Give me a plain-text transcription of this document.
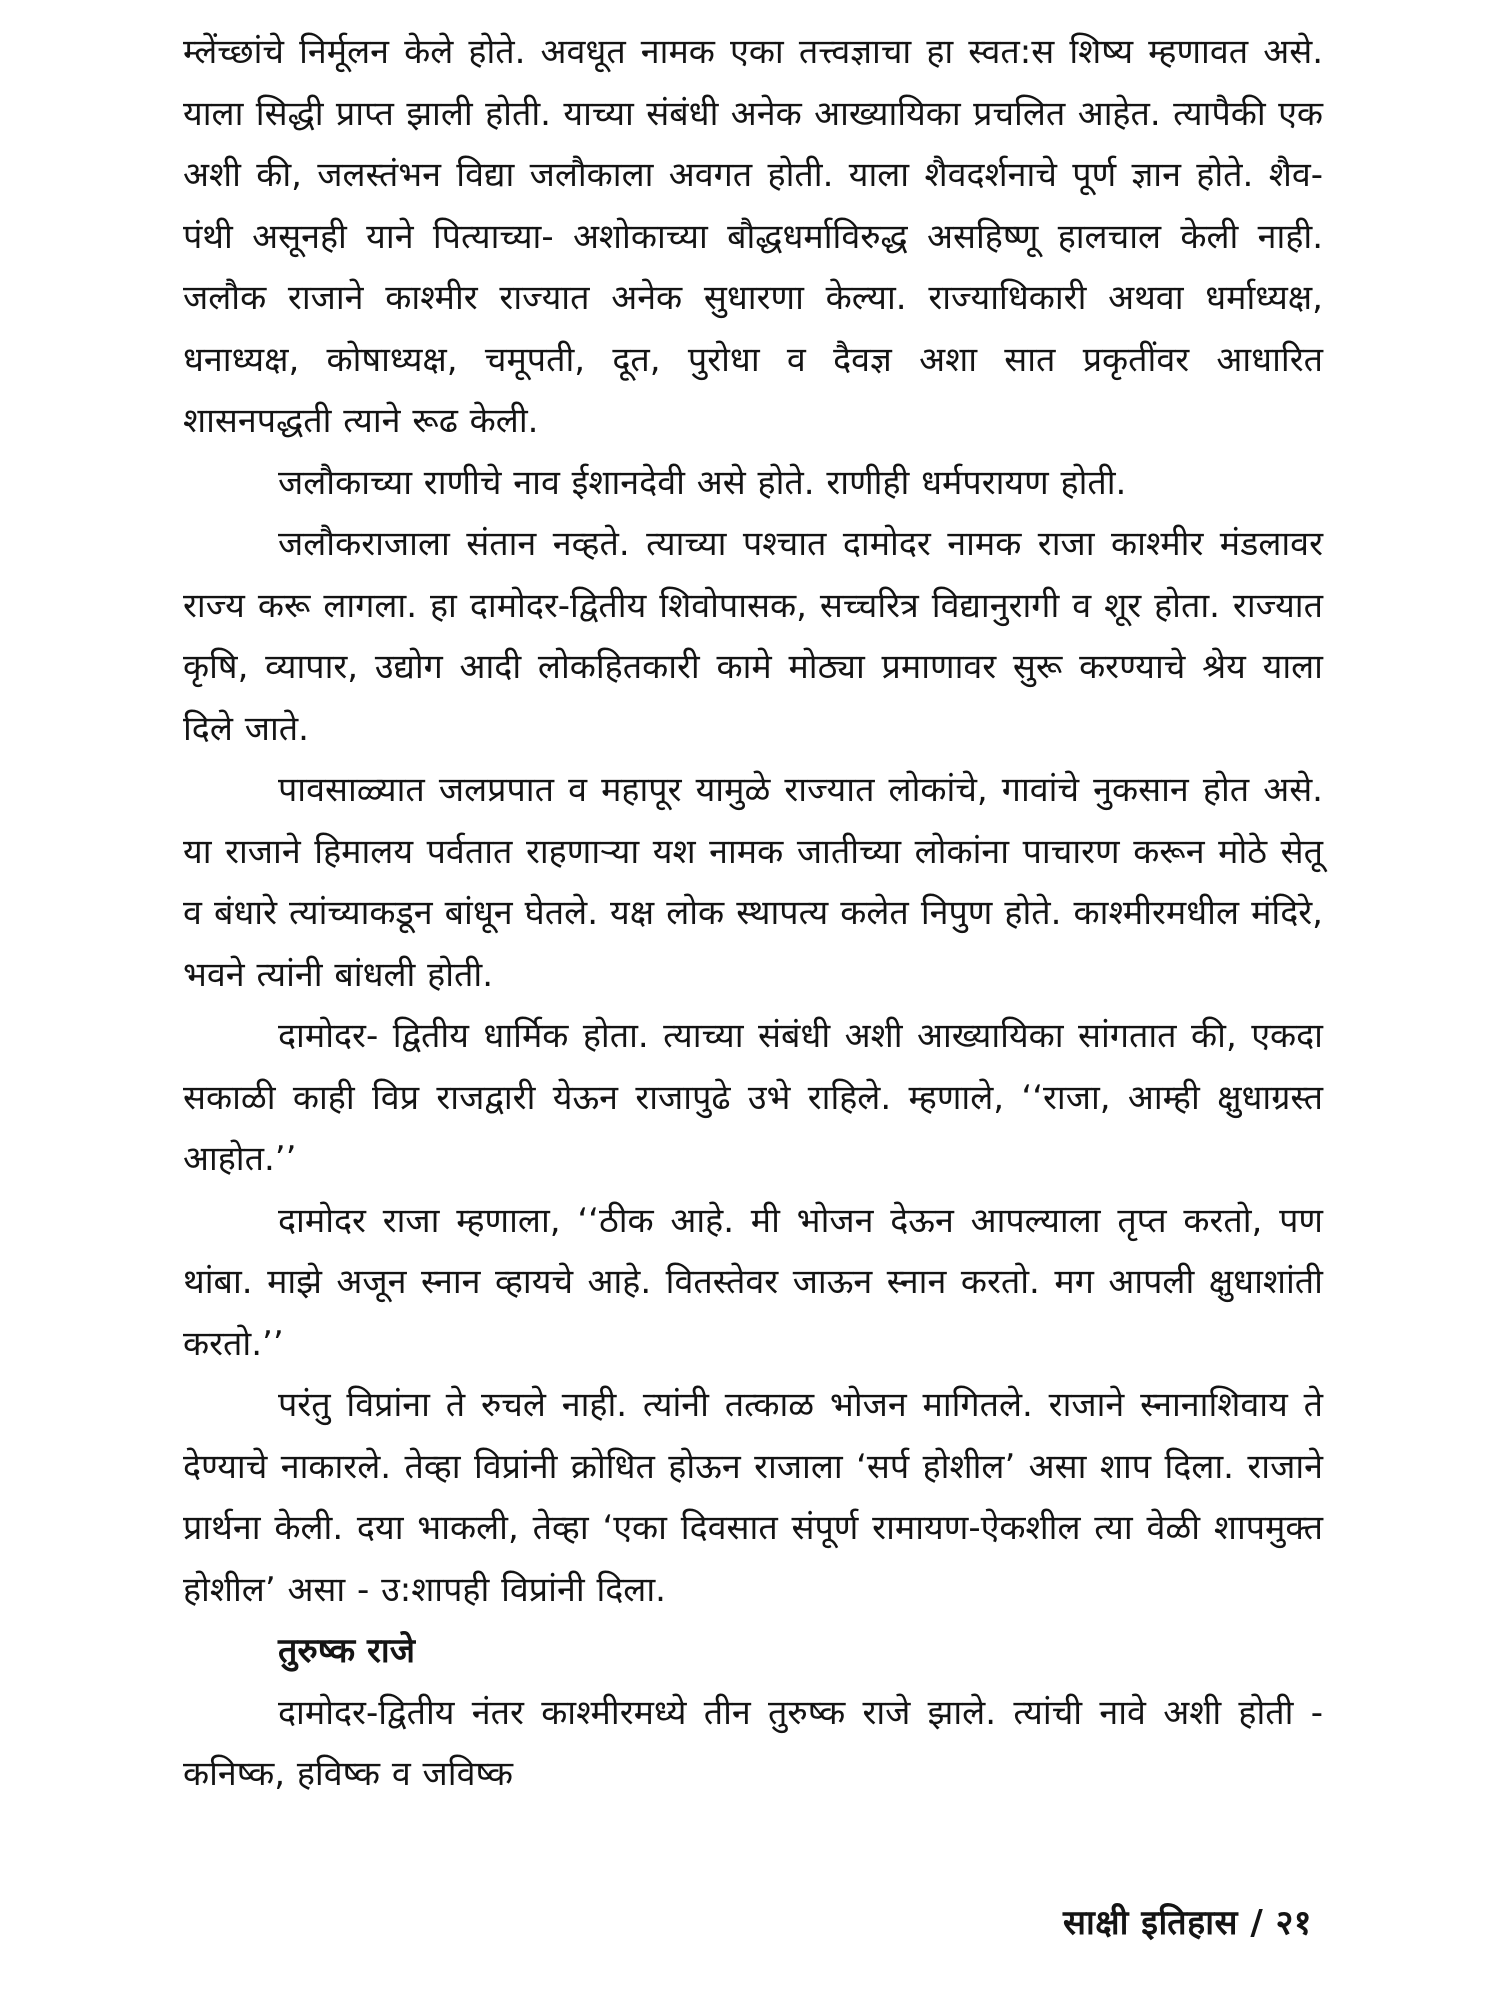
म्लेंच्छांचे निर्मूलन केले होते. अवधूत नामक एका तत्त्वज्ञाचा हा स्वत:स शिष्य म्हणावत असे. याला सिद्धी प्राप्त झाली होती. याच्या संबंधी अनेक आख्यायिका प्रचलित आहेत. त्यापैकी एक अशी की, जलस्तंभन विद्या जलौकाला अवगत होती. याला शैवदर्शनाचे पूर्ण ज्ञान होते. शैव-पंथी असूनही याने पित्याच्या- अशोकाच्या बौद्धधर्माविरुद्ध असहिष्णू हालचाल केली नाही. जलौक राजाने काश्मीर राज्यात अनेक सुधारणा केल्या. राज्याधिकारी अथवा धर्माध्यक्ष, धनाध्यक्ष, कोषाध्यक्ष, चमूपती, दूत, पुरोधा व दैवज्ञ अशा सात प्रकृतींवर आधारित शासनपद्धती त्याने रूढ केली.

जलौकाच्या राणीचे नाव ईशानदेवी असे होते. राणीही धर्मपरायण होती.

जलौकराजाला संतान नव्हते. त्याच्या पश्चात दामोदर नामक राजा काश्मीर मंडलावर राज्य करू लागला. हा दामोदर-द्वितीय शिवोपासक, सच्चरित्र विद्यानुरागी व शूर होता. राज्यात कृषि, व्यापार, उद्योग आदी लोकहितकारी कामे मोठ्या प्रमाणावर सुरू करण्याचे श्रेय याला दिले जाते.

पावसाळ्यात जलप्रपात व महापूर यामुळे राज्यात लोकांचे, गावांचे नुकसान होत असे. या राजाने हिमालय पर्वतात राहणाऱ्या यश नामक जातीच्या लोकांना पाचारण करून मोठे सेतू व बंधारे त्यांच्याकडून बांधून घेतले. यक्ष लोक स्थापत्य कलेत निपुण होते. काश्मीरमधील मंदिरे, भवने त्यांनी बांधली होती.

दामोदर- द्वितीय धार्मिक होता. त्याच्या संबंधी अशी आख्यायिका सांगतात की, एकदा सकाळी काही विप्र राजद्वारी येऊन राजापुढे उभे राहिले. म्हणाले, ‘‘राजा, आम्ही क्षुधाग्रस्त आहोत.’’

दामोदर राजा म्हणाला, ‘‘ठीक आहे. मी भोजन देऊन आपल्याला तृप्त करतो, पण थांबा. माझे अजून स्नान व्हायचे आहे. वितस्तेवर जाऊन स्नान करतो. मग आपली क्षुधाशांती करतो.’’

परंतु विप्रांना ते रुचले नाही. त्यांनी तत्काळ भोजन मागितले. राजाने स्नानाशिवाय ते देण्याचे नाकारले. तेव्हा विप्रांनी क्रोधित होऊन राजाला ‘सर्प होशील’ असा शाप दिला. राजाने प्रार्थना केली. दया भाकली, तेव्हा ‘एका दिवसात संपूर्ण रामायण-ऐकशील त्या वेळी शापमुक्त होशील’ असा - उ:शापही विप्रांनी दिला.

तुरुष्क राजे

दामोदर-द्वितीय नंतर काश्मीरमध्ये तीन तुरुष्क राजे झाले. त्यांची नावे अशी होती - कनिष्क, हविष्क व जविष्क

साक्षी इतिहास / २१
